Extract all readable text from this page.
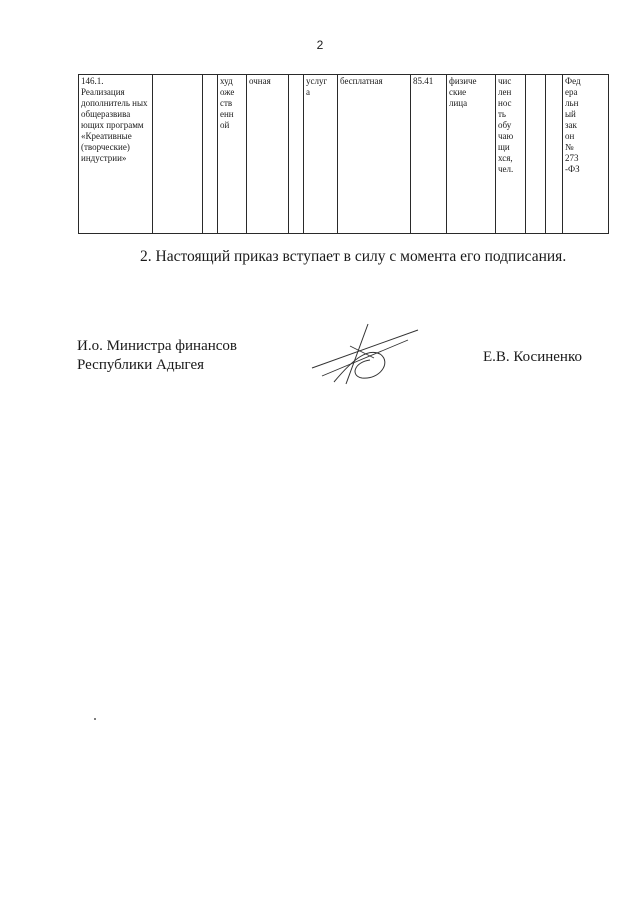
2
146.1.
Реализация дополнитель ных общеразвива ющих программ «Креативные (творческие) индустрии»			худ
оже
ств
енн
ой	очная		услуг
а	бесплатная	85.41	физиче
ские
лица	чис
лен
нос
ть
обу
чаю
щи
хся,
чел.			Фед
ера
льн
ый
зак
он
№
273
-ФЗ
2. Настоящий приказ вступает в силу с момента его подписания.
И.о. Министра финансов
Республики Адыгея	Е.В. Косиненко
